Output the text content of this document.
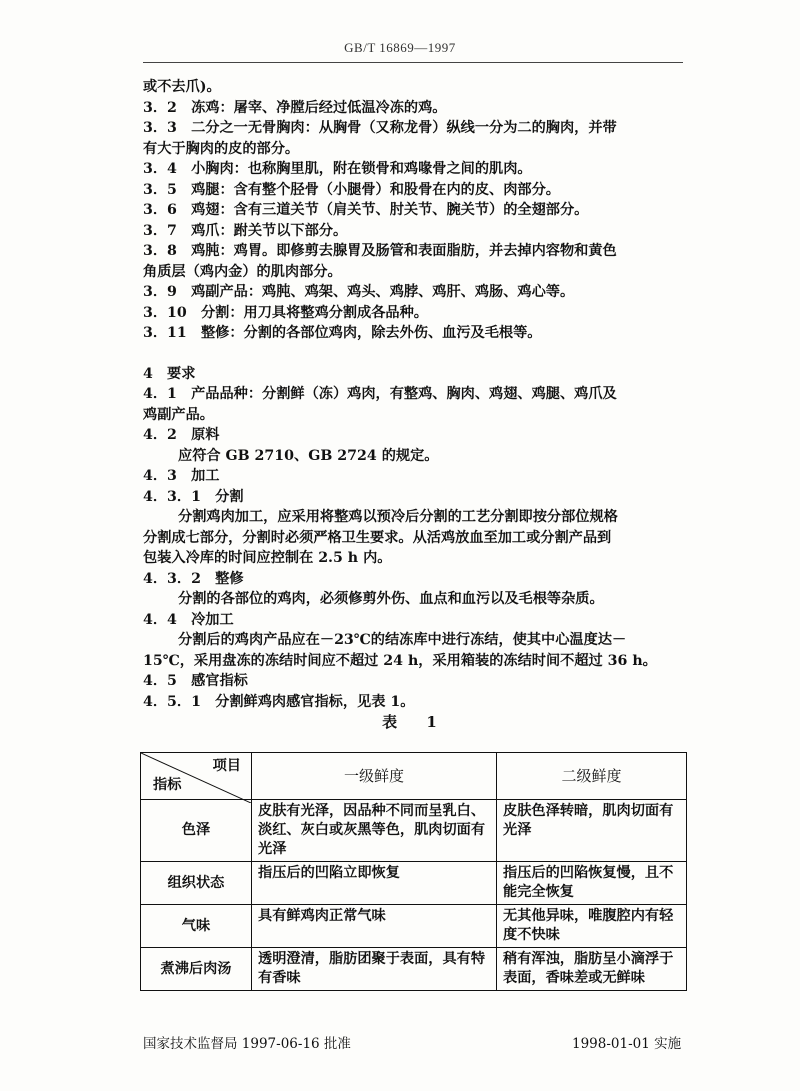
GB/T 16869—1997

或不去爪)。

3．2　冻鸡：屠宰、净膛后经过低温冷冻的鸡。

3．3　二分之一无骨胸肉：从胸骨（又称龙骨）纵线一分为二的胸肉，并带

有大于胸肉的皮的部分。

3．4　小胸肉：也称胸里肌，附在锁骨和鸡喙骨之间的肌肉。

3．5　鸡腿：含有整个胫骨（小腿骨）和股骨在内的皮、肉部分。

3．6　鸡翅：含有三道关节（肩关节、肘关节、腕关节）的全翅部分。

3．7　鸡爪：跗关节以下部分。

3．8　鸡肫：鸡胃。即修剪去腺胃及肠管和表面脂肪，并去掉内容物和黄色

角质层（鸡内金）的肌肉部分。

3．9　鸡副产品：鸡肫、鸡架、鸡头、鸡脖、鸡肝、鸡肠、鸡心等。

3．10　分割：用刀具将整鸡分割成各品种。

3．11　整修：分割的各部位鸡肉，除去外伤、血污及毛根等。

4　要求

4．1　产品品种：分割鲜（冻）鸡肉，有整鸡、胸肉、鸡翅、鸡腿、鸡爪及

鸡副产品。

4．2　原料

应符合 GB 2710、GB 2724 的规定。

4．3　加工

4．3．1　分割

分割鸡肉加工，应采用将整鸡以预冷后分割的工艺分割即按分部位规格

分割成七部分，分割时必须严格卫生要求。从活鸡放血至加工或分割产品到

包装入冷库的时间应控制在 2.5 h 内。

4．3．2　整修

分割的各部位的鸡肉，必须修剪外伤、血点和血污以及毛根等杂质。

4．4　冷加工

分割后的鸡肉产品应在－23℃的结冻库中进行冻结，使其中心温度达－

15℃，采用盘冻的冻结时间应不超过 24 h，采用箱装的冻结时间不超过 36 h。

4．5　感官指标

4．5．1　分割鲜鸡肉感官指标，见表 1。

表 1

项目
指标	一级鲜度	二级鲜度
色泽	皮肤有光泽，因品种不同而呈乳白、淡红、灰白或灰黑等色，肌肉切面有光泽	皮肤色泽转暗，肌肉切面有光泽
组织状态	指压后的凹陷立即恢复	指压后的凹陷恢复慢，且不能完全恢复
气味	具有鲜鸡肉正常气味	无其他异味，唯腹腔内有轻度不快味
煮沸后肉汤	透明澄清，脂肪团聚于表面，具有特有香味	稍有浑浊，脂肪呈小滴浮于表面，香味差或无鲜味
国家技术监督局 1997-06-16 批准	1998-01-01 实施
